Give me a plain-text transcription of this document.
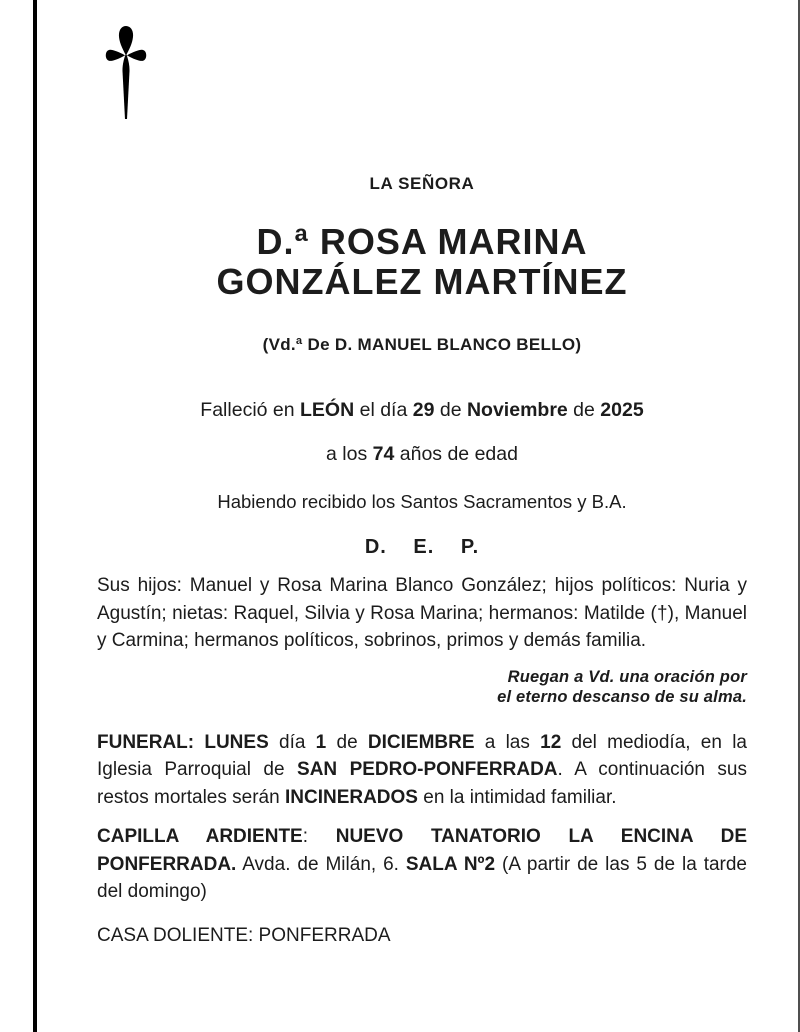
LA SEÑORA
D.ª ROSA MARINA
GONZÁLEZ MARTÍNEZ
(Vd.ª De D. MANUEL BLANCO BELLO)
Falleció en LEÓN el día 29 de Noviembre de 2025
a los 74 años de edad
Habiendo recibido los Santos Sacramentos y B.A.
D. E. P.
Sus hijos: Manuel y Rosa Marina Blanco González; hijos políticos: Nuria y Agustín; nietas: Raquel, Silvia y Rosa Marina; hermanos: Matilde (†), Manuel y Carmina; hermanos políticos, sobrinos, primos y demás familia.
Ruegan a Vd. una oración por
el eterno descanso de su alma.
FUNERAL: LUNES día 1 de DICIEMBRE a las 12 del mediodía, en la Iglesia Parroquial de SAN PEDRO-PONFERRADA. A continuación sus restos mortales serán INCINERADOS en la intimidad familiar.
CAPILLA ARDIENTE: NUEVO TANATORIO LA ENCINA DE PONFERRADA. Avda. de Milán, 6. SALA Nº2 (A partir de las 5 de la tarde del domingo)
CASA DOLIENTE: PONFERRADA
